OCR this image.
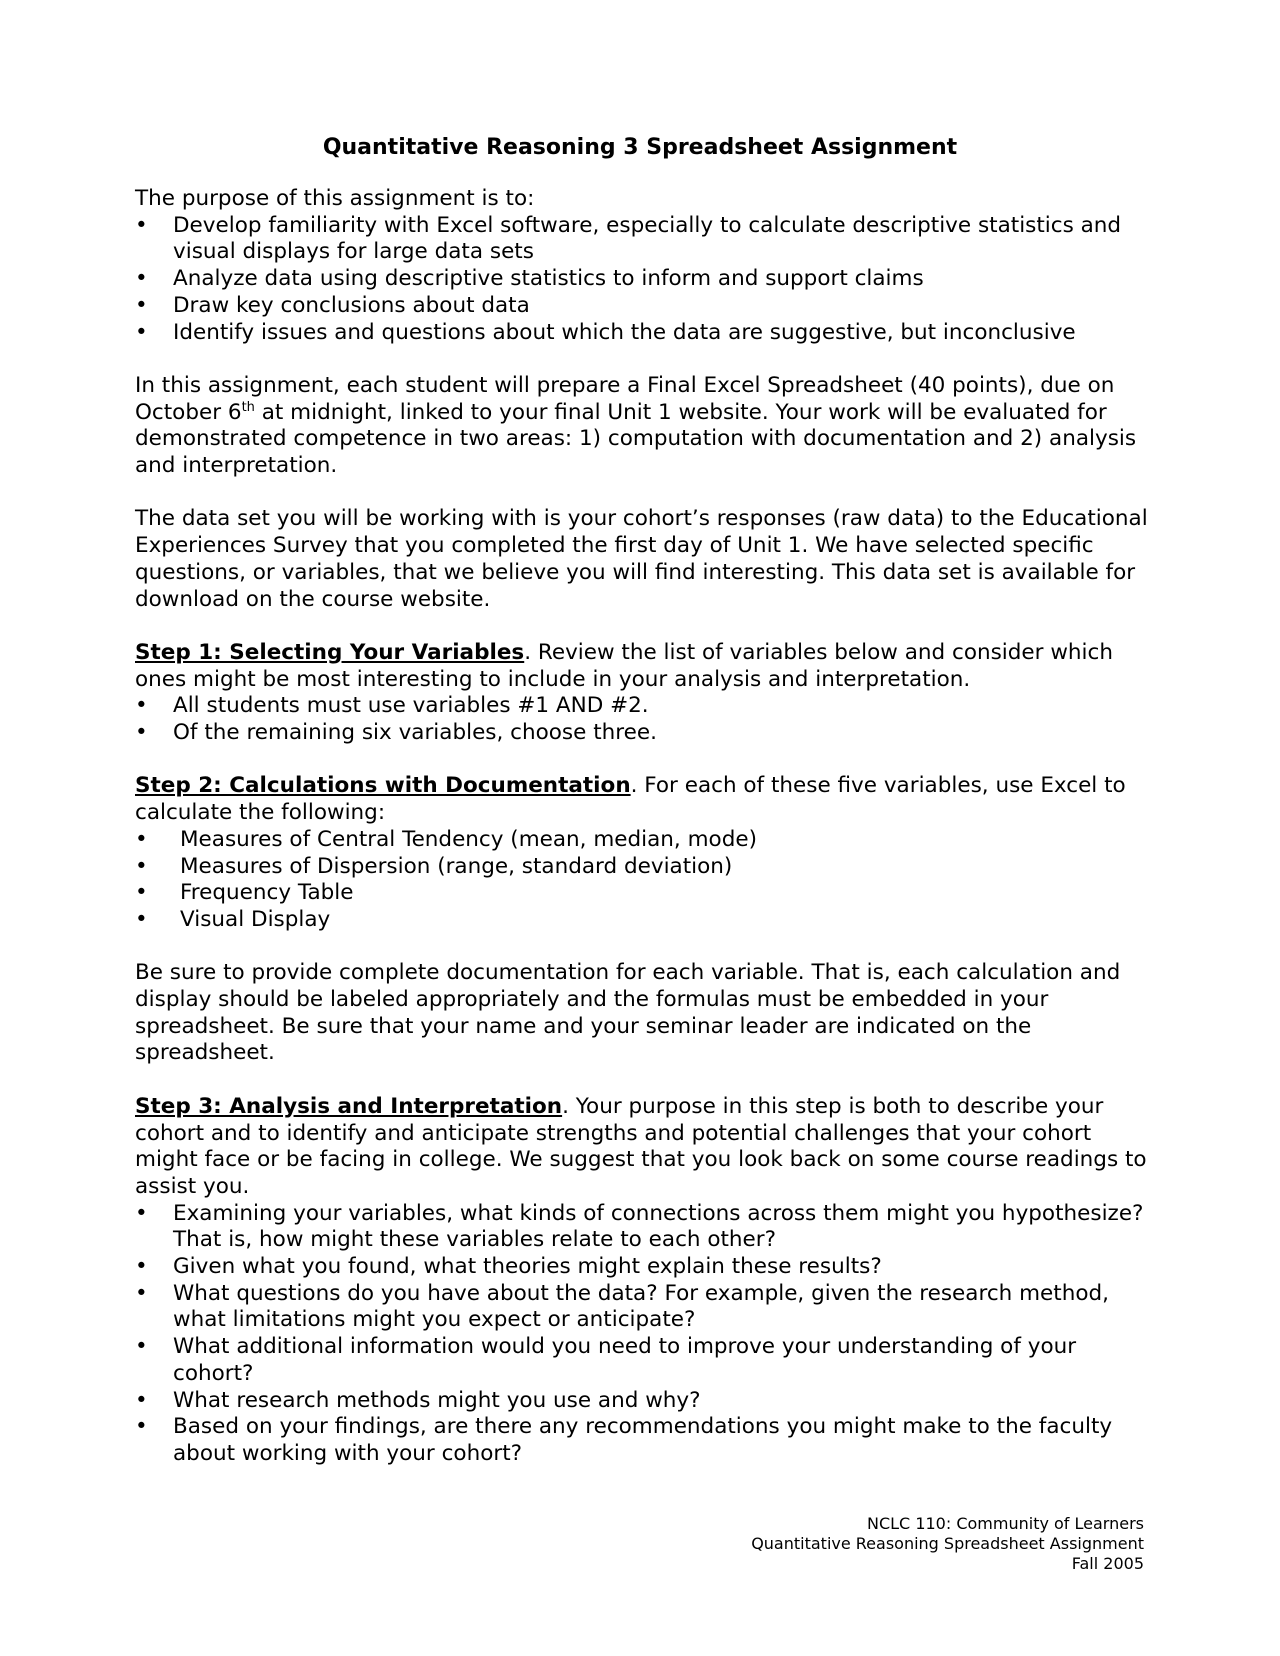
Quantitative Reasoning 3 Spreadsheet Assignment

The purpose of this assignment is to:

• Develop familiarity with Excel software, especially to calculate descriptive statistics and visual displays for large data sets
• Analyze data using descriptive statistics to inform and support claims
• Draw key conclusions about data
• Identify issues and questions about which the data are suggestive, but inconclusive

In this assignment, each student will prepare a Final Excel Spreadsheet (40 points), due on October 6th at midnight, linked to your final Unit 1 website. Your work will be evaluated for demonstrated competence in two areas: 1) computation with documentation and 2) analysis and interpretation.

The data set you will be working with is your cohort’s responses (raw data) to the Educational Experiences Survey that you completed the first day of Unit 1. We have selected specific questions, or variables, that we believe you will find interesting. This data set is available for download on the course website.

Step 1: Selecting Your Variables. Review the list of variables below and consider which ones might be most interesting to include in your analysis and interpretation.

• All students must use variables #1 AND #2.
• Of the remaining six variables, choose three.

Step 2: Calculations with Documentation. For each of these five variables, use Excel to calculate the following:

• Measures of Central Tendency (mean, median, mode)
• Measures of Dispersion (range, standard deviation)
• Frequency Table
• Visual Display

Be sure to provide complete documentation for each variable. That is, each calculation and display should be labeled appropriately and the formulas must be embedded in your spreadsheet. Be sure that your name and your seminar leader are indicated on the spreadsheet.

Step 3: Analysis and Interpretation. Your purpose in this step is both to describe your cohort and to identify and anticipate strengths and potential challenges that your cohort might face or be facing in college. We suggest that you look back on some course readings to assist you.

• Examining your variables, what kinds of connections across them might you hypothesize? That is, how might these variables relate to each other?
• Given what you found, what theories might explain these results?
• What questions do you have about the data? For example, given the research method, what limitations might you expect or anticipate?
• What additional information would you need to improve your understanding of your cohort?
• What research methods might you use and why?
• Based on your findings, are there any recommendations you might make to the faculty about working with your cohort?
NCLC 110: Community of Learners
Quantitative Reasoning Spreadsheet Assignment
Fall 2005
